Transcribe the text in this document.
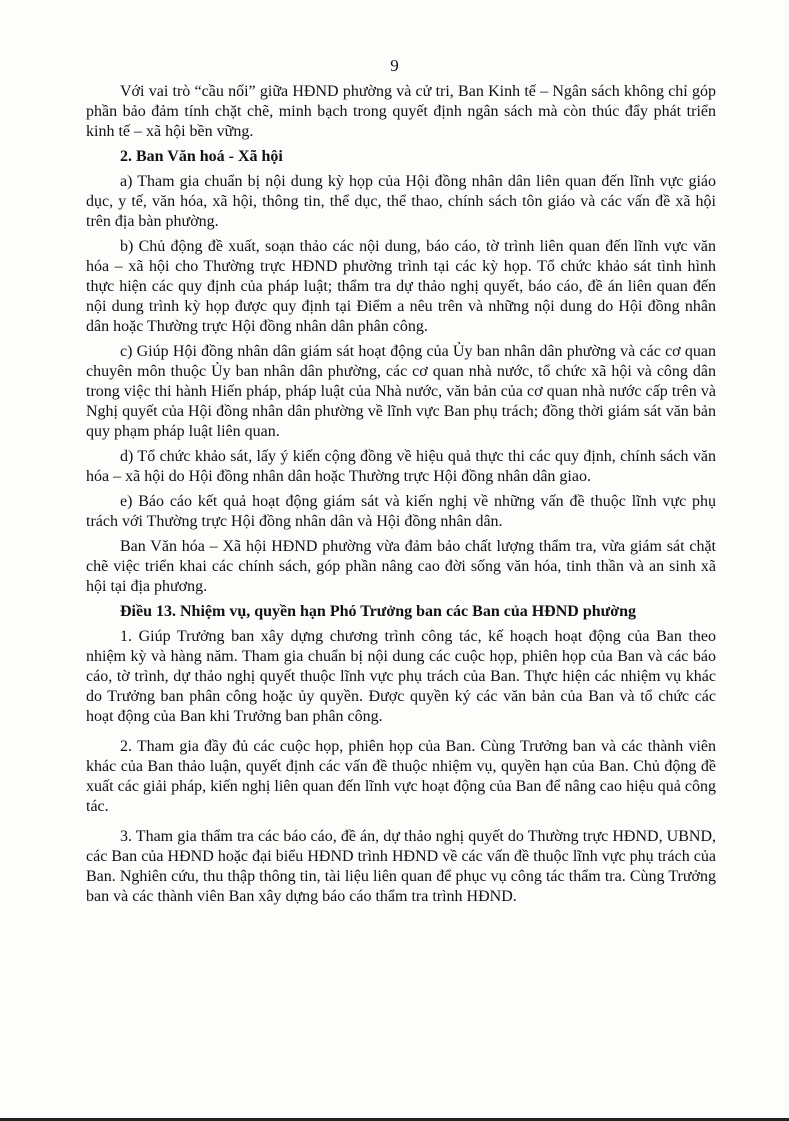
9

Với vai trò “cầu nối” giữa HĐND phường và cử tri, Ban Kinh tế – Ngân sách không chỉ góp phần bảo đảm tính chặt chẽ, minh bạch trong quyết định ngân sách mà còn thúc đẩy phát triển kinh tế – xã hội bền vững.

2. Ban Văn hoá - Xã hội

a) Tham gia chuẩn bị nội dung kỳ họp của Hội đồng nhân dân liên quan đến lĩnh vực giáo dục, y tế, văn hóa, xã hội, thông tin, thể dục, thể thao, chính sách tôn giáo và các vấn đề xã hội trên địa bàn phường.

b) Chủ động đề xuất, soạn thảo các nội dung, báo cáo, tờ trình liên quan đến lĩnh vực văn hóa – xã hội cho Thường trực HĐND phường trình tại các kỳ họp. Tổ chức khảo sát tình hình thực hiện các quy định của pháp luật; thẩm tra dự thảo nghị quyết, báo cáo, đề án liên quan đến nội dung trình kỳ họp được quy định tại Điểm a nêu trên và những nội dung do Hội đồng nhân dân hoặc Thường trực Hội đồng nhân dân phân công.

c) Giúp Hội đồng nhân dân giám sát hoạt động của Ủy ban nhân dân phường và các cơ quan chuyên môn thuộc Ủy ban nhân dân phường, các cơ quan nhà nước, tổ chức xã hội và công dân trong việc thi hành Hiến pháp, pháp luật của Nhà nước, văn bản của cơ quan nhà nước cấp trên và Nghị quyết của Hội đồng nhân dân phường về lĩnh vực Ban phụ trách; đồng thời giám sát văn bản quy phạm pháp luật liên quan.

d) Tổ chức khảo sát, lấy ý kiến cộng đồng về hiệu quả thực thi các quy định, chính sách văn hóa – xã hội do Hội đồng nhân dân hoặc Thường trực Hội đồng nhân dân giao.

e) Báo cáo kết quả hoạt động giám sát và kiến nghị về những vấn đề thuộc lĩnh vực phụ trách với Thường trực Hội đồng nhân dân và Hội đồng nhân dân.

Ban Văn hóa – Xã hội HĐND phường vừa đảm bảo chất lượng thẩm tra, vừa giám sát chặt chẽ việc triển khai các chính sách, góp phần nâng cao đời sống văn hóa, tinh thần và an sinh xã hội tại địa phương.

Điều 13. Nhiệm vụ, quyền hạn Phó Trưởng ban các Ban của HĐND phường

1. Giúp Trưởng ban xây dựng chương trình công tác, kế hoạch hoạt động của Ban theo nhiệm kỳ và hàng năm. Tham gia chuẩn bị nội dung các cuộc họp, phiên họp của Ban và các báo cáo, tờ trình, dự thảo nghị quyết thuộc lĩnh vực phụ trách của Ban. Thực hiện các nhiệm vụ khác do Trưởng ban phân công hoặc ủy quyền. Được quyền ký các văn bản của Ban và tổ chức các hoạt động của Ban khi Trưởng ban phân công.

2. Tham gia đầy đủ các cuộc họp, phiên họp của Ban. Cùng Trưởng ban và các thành viên khác của Ban thảo luận, quyết định các vấn đề thuộc nhiệm vụ, quyền hạn của Ban. Chủ động đề xuất các giải pháp, kiến nghị liên quan đến lĩnh vực hoạt động của Ban để nâng cao hiệu quả công tác.

3. Tham gia thẩm tra các báo cáo, đề án, dự thảo nghị quyết do Thường trực HĐND, UBND, các Ban của HĐND hoặc đại biểu HĐND trình HĐND về các vấn đề thuộc lĩnh vực phụ trách của Ban. Nghiên cứu, thu thập thông tin, tài liệu liên quan để phục vụ công tác thẩm tra. Cùng Trưởng ban và các thành viên Ban xây dựng báo cáo thẩm tra trình HĐND.
